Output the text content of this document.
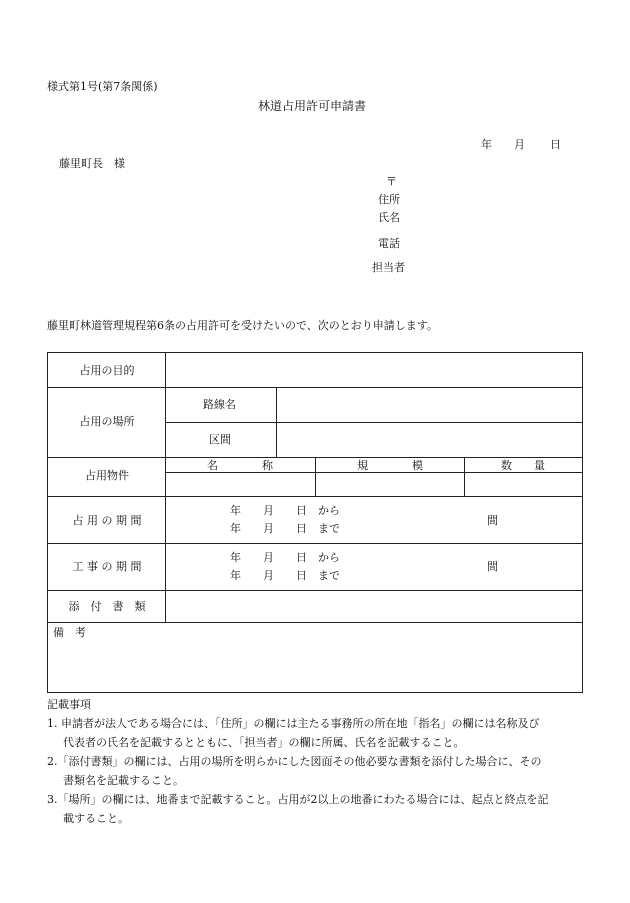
様式第1号(第7条関係)
林道占用許可申請書
年 月 日
藤里町長　様
〒
住所
氏名
電話
担当者
藤里町林道管理規程第6条の占用許可を受けたいので、次のとおり申請します。
占用の目的
占用の場所
路線名
区間
占用物件
名　　　　称	規　　　　模	数　　量
占 用 の 期 間
年　　月　　日　から
年　　月　　日　まで
間
工 事 の 期 間
年　　月　　日　から
年　　月　　日　まで
間
添　付　書　類
備　考
記載事項
1. 申請者が法人である場合には、「住所」の欄には主たる事務所の所在地「指名」の欄には名称及び
代表者の氏名を記載するとともに、「担当者」の欄に所属、氏名を記載すること。
2.「添付書類」の欄には、占用の場所を明らかにした図面その他必要な書類を添付した場合に、その
書類名を記載すること。
3.「場所」の欄には、地番まで記載すること。占用が2以上の地番にわたる場合には、起点と終点を記
載すること。
